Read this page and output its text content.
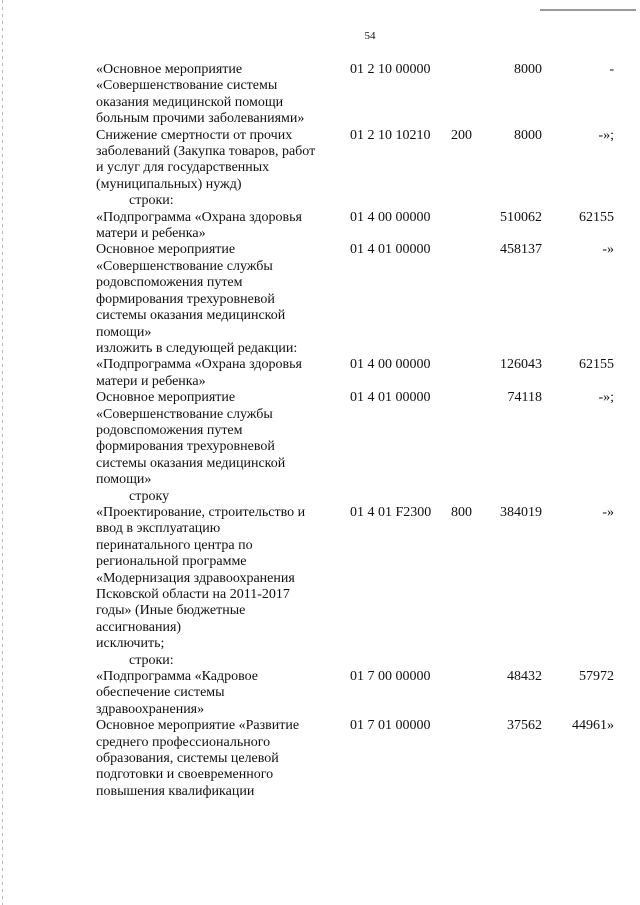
54
«Основное мероприятие
«Совершенствование системы
оказания медицинской помощи
больным прочими заболеваниями»
01 2 10 00000	8000	-
Снижение смертности от прочих
заболеваний (Закупка товаров, работ
и услуг для государственных
(муниципальных) нужд)
01 2 10 10210 200	8000	-»;
строки:
«Подпрограмма «Охрана здоровья
матери и ребенка»
01 4 00 00000	510062	62155
Основное мероприятие
«Совершенствование службы
родовспоможения путем
формирования трехуровневой
системы оказания медицинской
помощи»
01 4 01 00000	458137	-»
изложить в следующей редакции:
«Подпрограмма «Охрана здоровья
матери и ребенка»
01 4 00 00000	126043	62155
Основное мероприятие
«Совершенствование службы
родовспоможения путем
формирования трехуровневой
системы оказания медицинской
помощи»
01 4 01 00000	74118	-»;
строку
«Проектирование, строительство и
ввод в эксплуатацию
перинатального центра по
региональной программе
«Модернизация здравоохранения
Псковской области на 2011-2017
годы» (Иные бюджетные
ассигнования)
01 4 01 F2300 800 384019	-»
исключить;
строки:
«Подпрограмма «Кадровое
обеспечение системы
здравоохранения»
01 7 00 00000	48432	57972
Основное мероприятие «Развитие
среднего профессионального
образования, системы целевой
подготовки и своевременного
повышения квалификации
01 7 01 00000	37562 44961»
